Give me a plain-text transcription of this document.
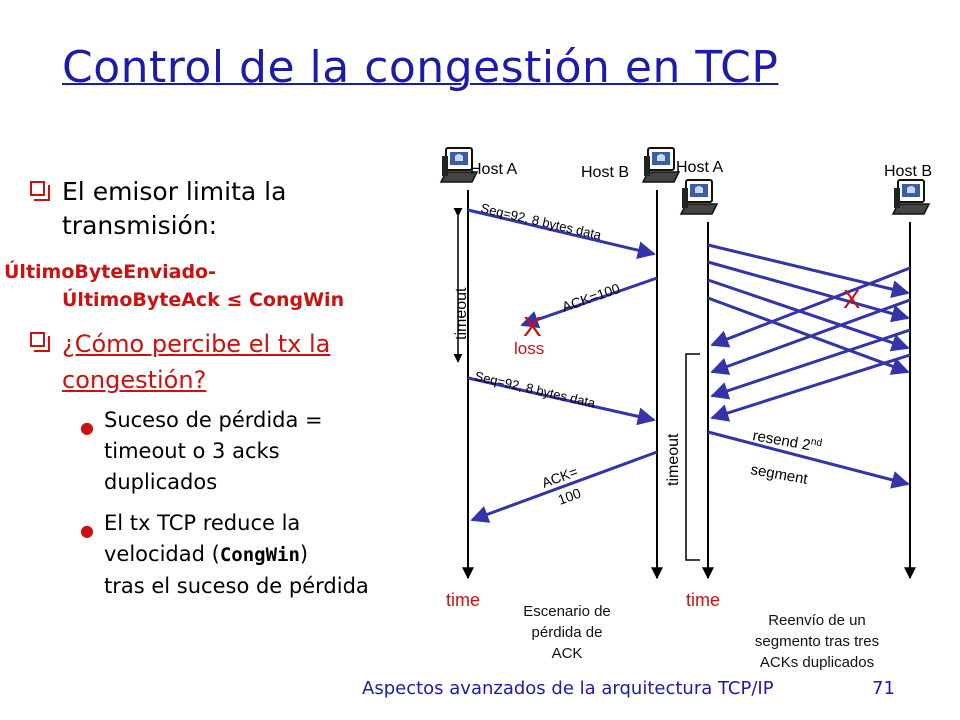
Control de la congestión en TCP
El emisor limita la
transmisión:
ÚltimoByteEnviado-
ÚltimoByteAck ≤ CongWin
¿Cómo percibe el tx la
congestión?
● Suceso de pérdida =
timeout o 3 acks
duplicados
● El tx TCP reduce la
velocidad (CongWin)
tras el suceso de pérdida
Host A	Host B
Seq=92, 8 bytes data
ACK=100
X
loss
timeout
Seq=92, 8 bytes data
ACK=
100
time
Escenario de
pérdida de
ACK
Host A	Host B
X
resend 2nd
segment
timeout
time
Reenvío de un
segmento tras tres
ACKs duplicados
Aspectos avanzados de la arquitectura TCP/IP	71
